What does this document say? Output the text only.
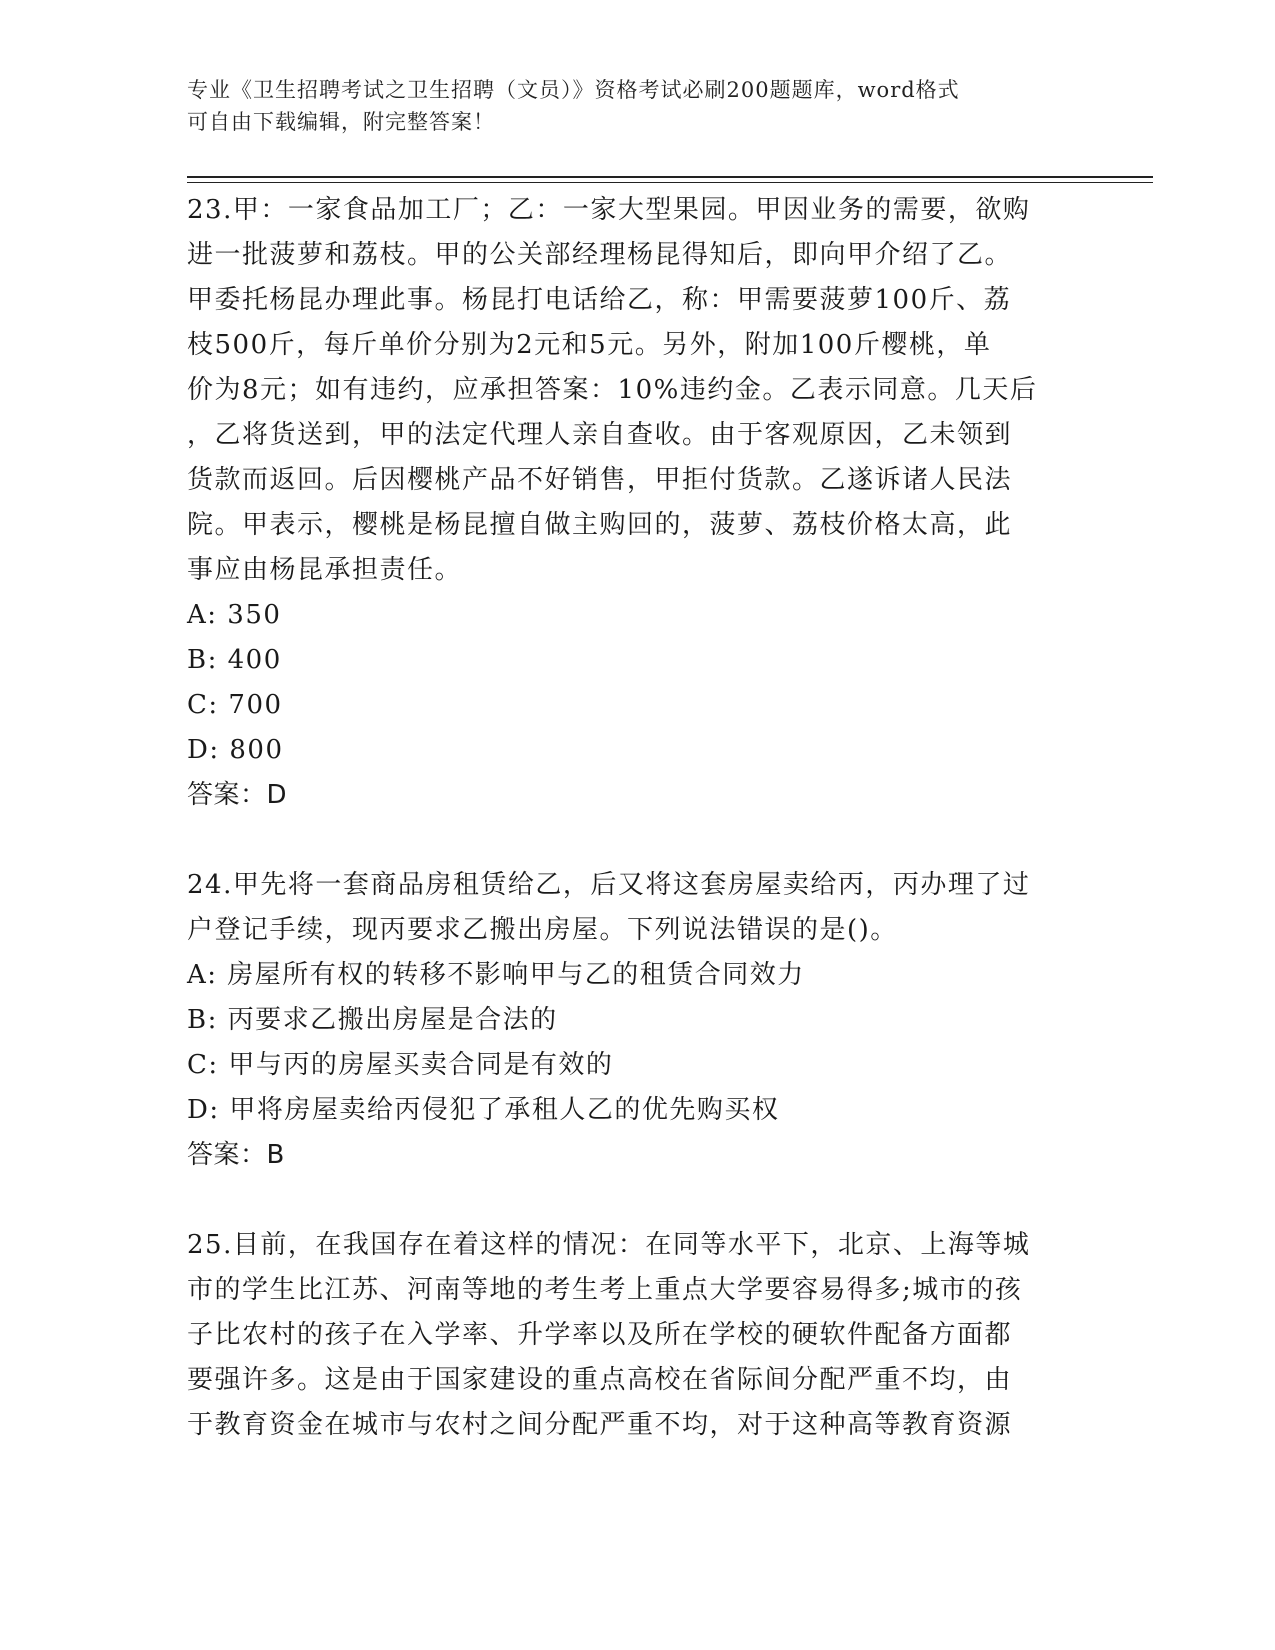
专业《卫生招聘考试之卫生招聘（文员）》资格考试必刷200题题库，word格式
可自由下载编辑，附完整答案！
23.甲：一家食品加工厂；乙：一家大型果园。甲因业务的需要，欲购
进一批菠萝和荔枝。甲的公关部经理杨昆得知后，即向甲介绍了乙。
甲委托杨昆办理此事。杨昆打电话给乙，称：甲需要菠萝100斤、荔
枝500斤，每斤单价分别为2元和5元。另外，附加100斤樱桃，单
价为8元；如有违约，应承担答案：10%违约金。乙表示同意。几天后
，乙将货送到，甲的法定代理人亲自查收。由于客观原因，乙未领到
货款而返回。后因樱桃产品不好销售，甲拒付货款。乙遂诉诸人民法
院。甲表示，樱桃是杨昆擅自做主购回的，菠萝、荔枝价格太高，此
事应由杨昆承担责任。
A: 350
B: 400
C: 700
D: 800
答案：D
24.甲先将一套商品房租赁给乙，后又将这套房屋卖给丙，丙办理了过
户登记手续，现丙要求乙搬出房屋。下列说法错误的是()。
A: 房屋所有权的转移不影响甲与乙的租赁合同效力
B: 丙要求乙搬出房屋是合法的
C: 甲与丙的房屋买卖合同是有效的
D: 甲将房屋卖给丙侵犯了承租人乙的优先购买权
答案：B
25.目前，在我国存在着这样的情况：在同等水平下，北京、上海等城
市的学生比江苏、河南等地的考生考上重点大学要容易得多;城市的孩
子比农村的孩子在入学率、升学率以及所在学校的硬软件配备方面都
要强许多。这是由于国家建设的重点高校在省际间分配严重不均，由
于教育资金在城市与农村之间分配严重不均，对于这种高等教育资源
